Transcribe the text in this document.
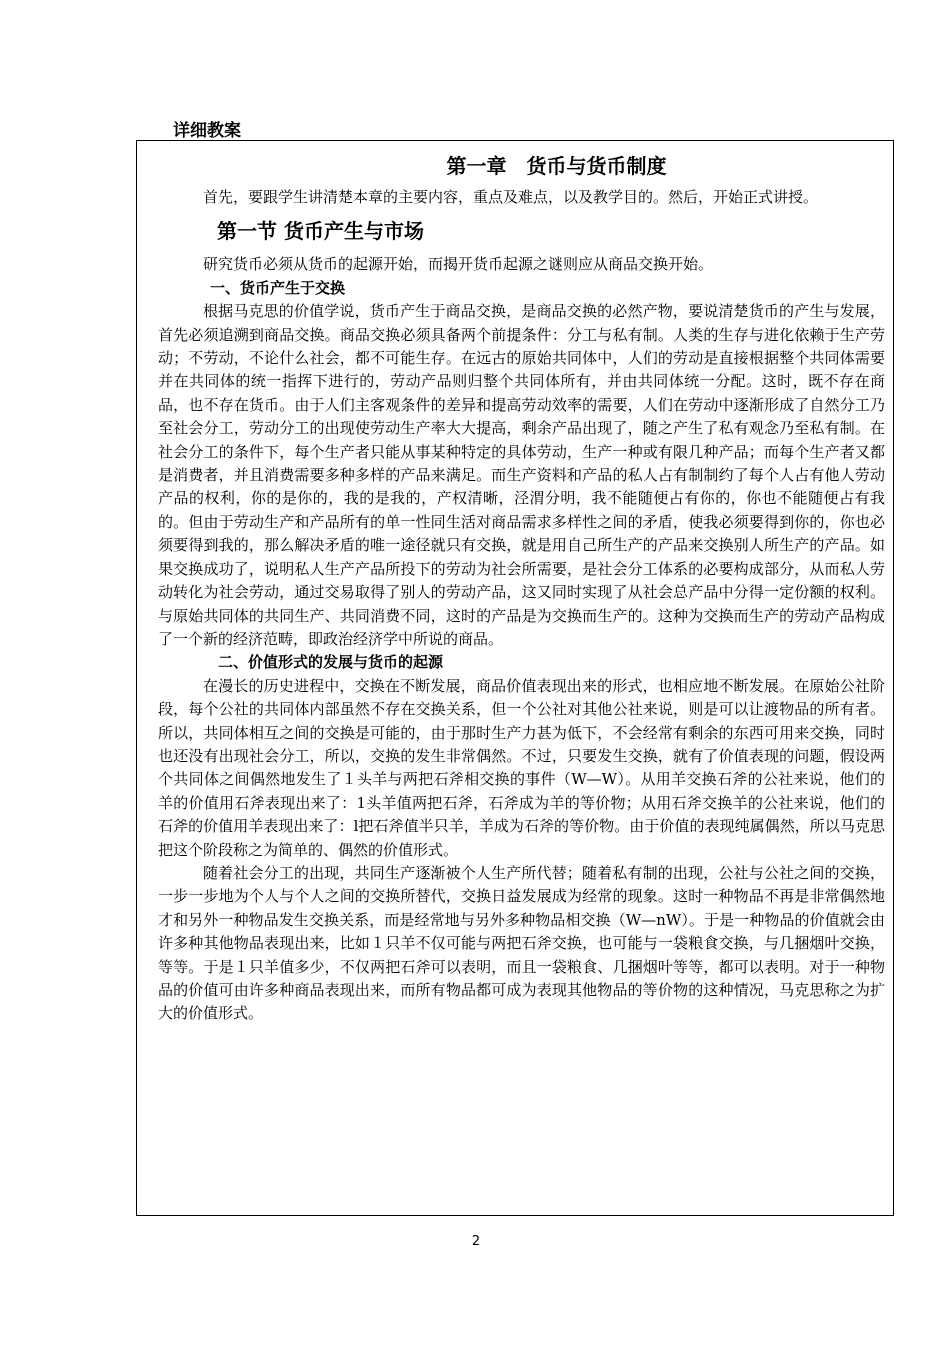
详细教案
第一章　货币与货币制度

首先，要跟学生讲清楚本章的主要内容，重点及难点，以及教学目的。然后，开始正式讲授。

第一节 货币产生与市场

研究货币必须从货币的起源开始，而揭开货币起源之谜则应从商品交换开始。

一、货币产生于交换

根据马克思的价值学说，货币产生于商品交换，是商品交换的必然产物，要说清楚货币的产生与发展，首先必须追溯到商品交换。商品交换必须具备两个前提条件：分工与私有制。人类的生存与进化依赖于生产劳动；不劳动，不论什么社会，都不可能生存。在远古的原始共同体中，人们的劳动是直接根据整个共同体需要并在共同体的统一指挥下进行的，劳动产品则归整个共同体所有，并由共同体统一分配。这时，既不存在商品，也不存在货币。由于人们主客观条件的差异和提高劳动效率的需要，人们在劳动中逐渐形成了自然分工乃至社会分工，劳动分工的出现使劳动生产率大大提高，剩余产品出现了，随之产生了私有观念乃至私有制。在社会分工的条件下，每个生产者只能从事某种特定的具体劳动，生产一种或有限几种产品；而每个生产者又都是消费者，并且消费需要多种多样的产品来满足。而生产资料和产品的私人占有制制约了每个人占有他人劳动产品的权利，你的是你的，我的是我的，产权清晰，泾渭分明，我不能随便占有你的，你也不能随便占有我的。但由于劳动生产和产品所有的单一性同生活对商品需求多样性之间的矛盾，使我必须要得到你的，你也必须要得到我的，那么解决矛盾的唯一途径就只有交换，就是用自己所生产的产品来交换别人所生产的产品。如果交换成功了，说明私人生产产品所投下的劳动为社会所需要，是社会分工体系的必要构成部分，从而私人劳动转化为社会劳动，通过交易取得了别人的劳动产品，这又同时实现了从社会总产品中分得一定份额的权利。与原始共同体的共同生产、共同消费不同，这时的产品是为交换而生产的。这种为交换而生产的劳动产品构成了一个新的经济范畴，即政治经济学中所说的商品。

二、价值形式的发展与货币的起源

在漫长的历史进程中，交换在不断发展，商品价值表现出来的形式，也相应地不断发展。在原始公社阶段，每个公社的共同体内部虽然不存在交换关系，但一个公社对其他公社来说，则是可以让渡物品的所有者。所以，共同体相互之间的交换是可能的，由于那时生产力甚为低下，不会经常有剩余的东西可用来交换，同时也还没有出现社会分工，所以，交换的发生非常偶然。不过，只要发生交换，就有了价值表现的问题，假设两个共同体之间偶然地发生了１头羊与两把石斧相交换的事件（W—W）。从用羊交换石斧的公社来说，他们的羊的价值用石斧表现出来了：1头羊值两把石斧，石斧成为羊的等价物；从用石斧交换羊的公社来说，他们的石斧的价值用羊表现出来了：l把石斧值半只羊，羊成为石斧的等价物。由于价值的表现纯属偶然，所以马克思把这个阶段称之为简单的、偶然的价值形式。

随着社会分工的出现，共同生产逐渐被个人生产所代替；随着私有制的出现，公社与公社之间的交换，一步一步地为个人与个人之间的交换所替代，交换日益发展成为经常的现象。这时一种物品不再是非常偶然地才和另外一种物品发生交换关系，而是经常地与另外多种物品相交换（W—nW）。于是一种物品的价值就会由许多种其他物品表现出来，比如１只羊不仅可能与两把石斧交换，也可能与一袋粮食交换，与几捆烟叶交换，等等。于是１只羊值多少，不仅两把石斧可以表明，而且一袋粮食、几捆烟叶等等，都可以表明。对于一种物品的价值可由许多种商品表现出来，而所有物品都可成为表现其他物品的等价物的这种情况，马克思称之为扩大的价值形式。

2
